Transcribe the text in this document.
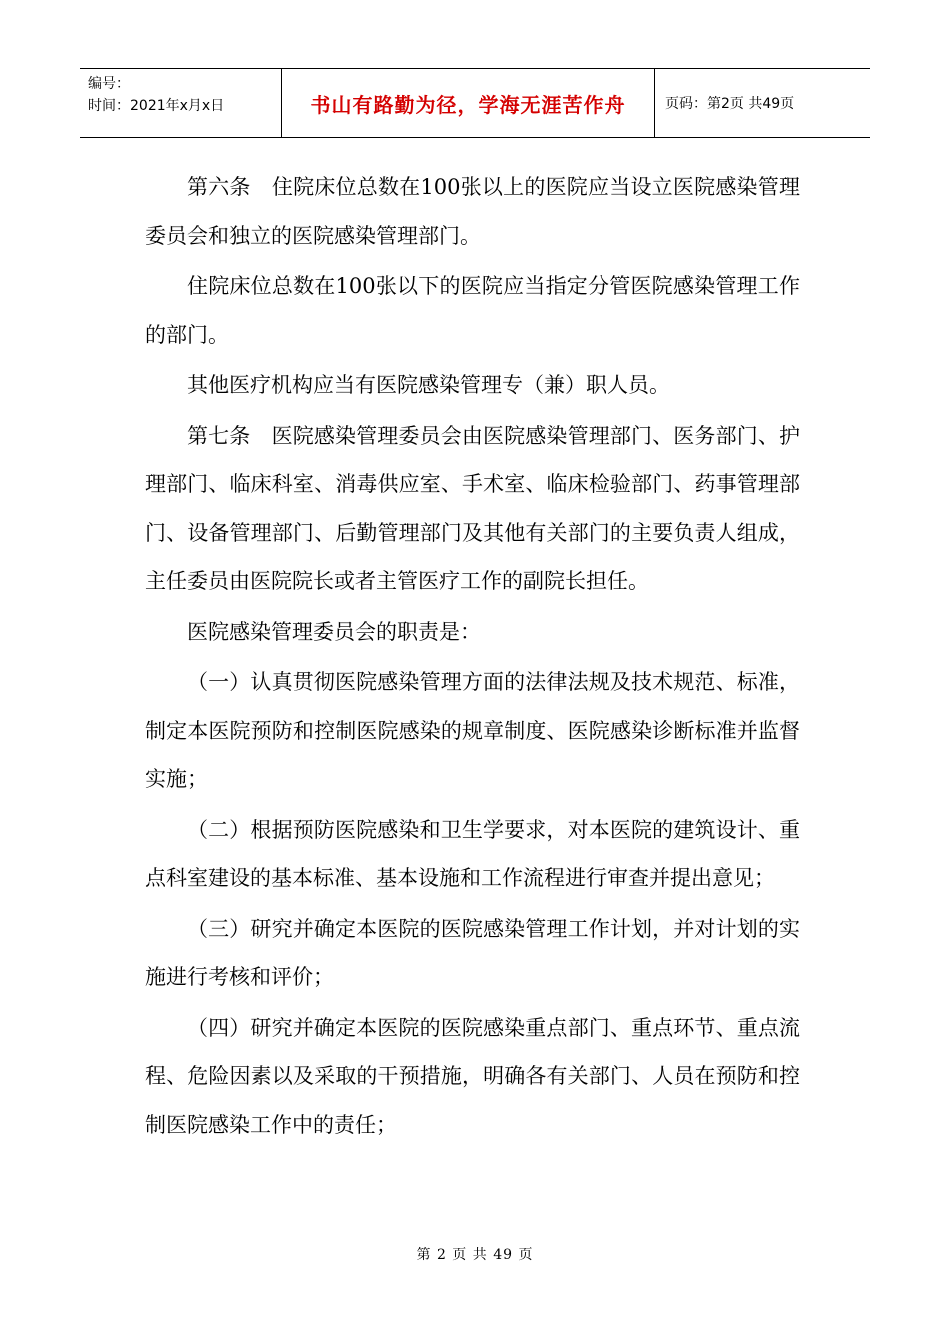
编号：
时间：2021年x月x日	书山有路勤为径，学海无涯苦作舟	页码：第2页 共49页

第六条　住院床位总数在100张以上的医院应当设立医院感染管理委员会和独立的医院感染管理部门。

住院床位总数在100张以下的医院应当指定分管医院感染管理工作的部门。

其他医疗机构应当有医院感染管理专（兼）职人员。

第七条　医院感染管理委员会由医院感染管理部门、医务部门、护理部门、临床科室、消毒供应室、手术室、临床检验部门、药事管理部门、设备管理部门、后勤管理部门及其他有关部门的主要负责人组成，主任委员由医院院长或者主管医疗工作的副院长担任。

医院感染管理委员会的职责是：

（一）认真贯彻医院感染管理方面的法律法规及技术规范、标准，制定本医院预防和控制医院感染的规章制度、医院感染诊断标准并监督实施；

（二）根据预防医院感染和卫生学要求，对本医院的建筑设计、重点科室建设的基本标准、基本设施和工作流程进行审查并提出意见；

（三）研究并确定本医院的医院感染管理工作计划，并对计划的实施进行考核和评价；

（四）研究并确定本医院的医院感染重点部门、重点环节、重点流程、危险因素以及采取的干预措施，明确各有关部门、人员在预防和控制医院感染工作中的责任；

第 2 页 共 49 页
